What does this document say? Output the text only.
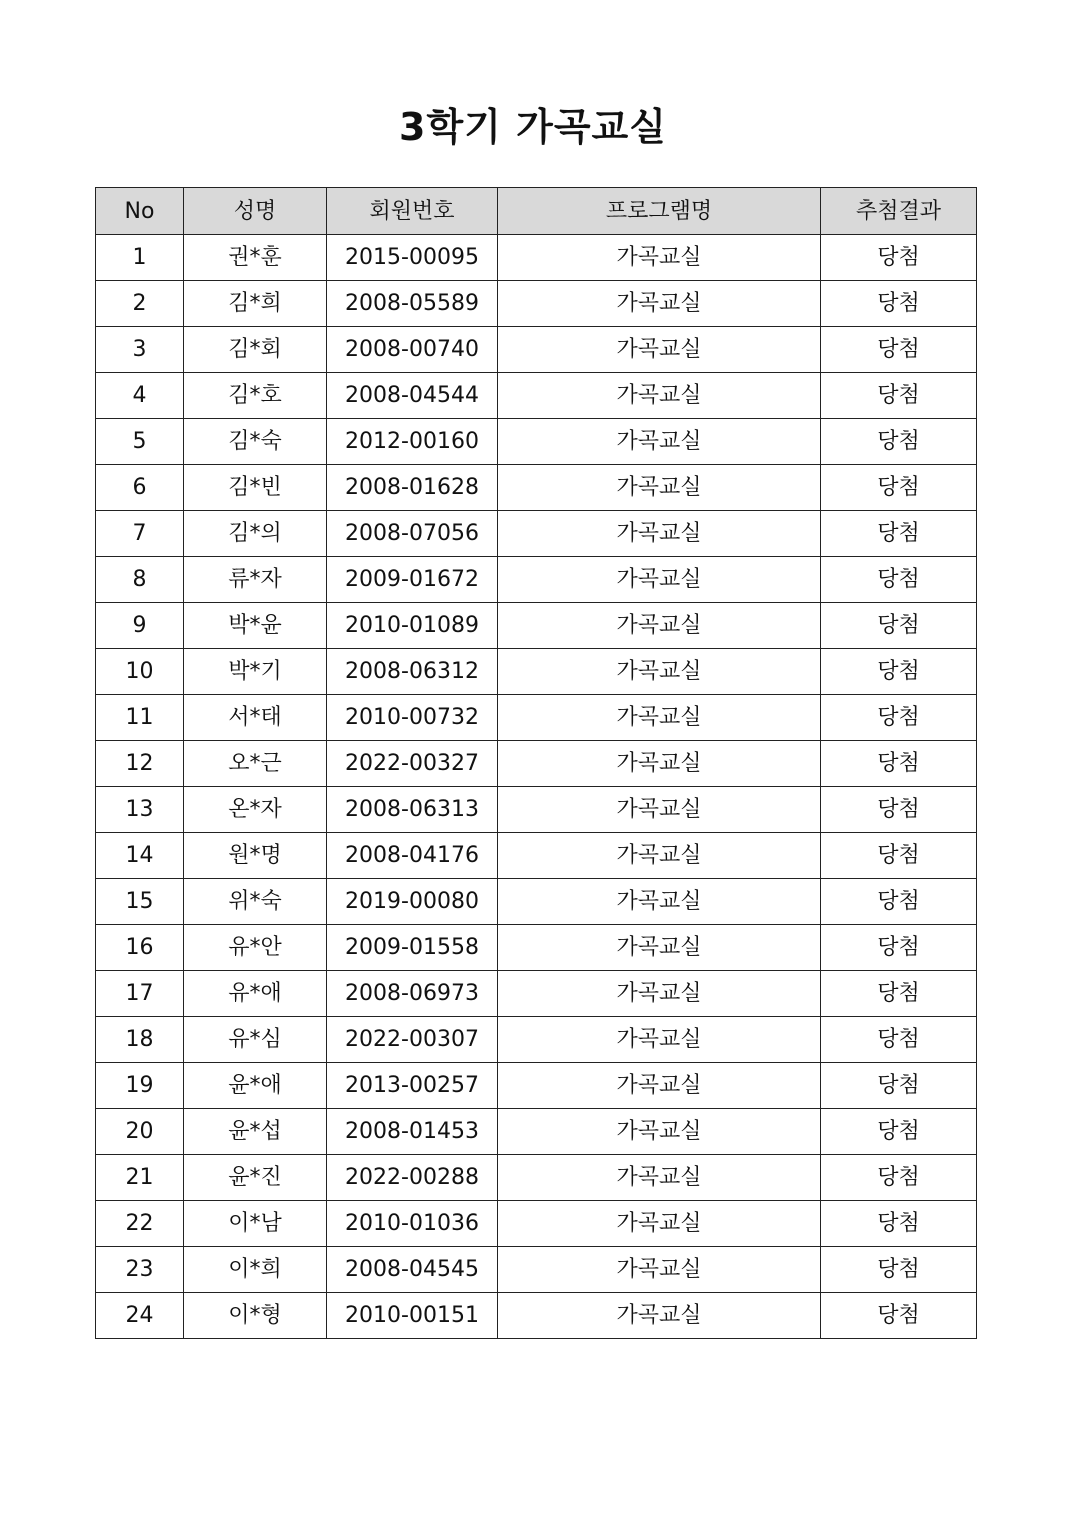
3학기 가곡교실
No	성명	회원번호	프로그램명	추첨결과
1	권*훈	2015-00095	가곡교실	당첨
2	김*희	2008-05589	가곡교실	당첨
3	김*회	2008-00740	가곡교실	당첨
4	김*호	2008-04544	가곡교실	당첨
5	김*숙	2012-00160	가곡교실	당첨
6	김*빈	2008-01628	가곡교실	당첨
7	김*의	2008-07056	가곡교실	당첨
8	류*자	2009-01672	가곡교실	당첨
9	박*윤	2010-01089	가곡교실	당첨
10	박*기	2008-06312	가곡교실	당첨
11	서*태	2010-00732	가곡교실	당첨
12	오*근	2022-00327	가곡교실	당첨
13	온*자	2008-06313	가곡교실	당첨
14	원*명	2008-04176	가곡교실	당첨
15	위*숙	2019-00080	가곡교실	당첨
16	유*안	2009-01558	가곡교실	당첨
17	유*애	2008-06973	가곡교실	당첨
18	유*심	2022-00307	가곡교실	당첨
19	윤*애	2013-00257	가곡교실	당첨
20	윤*섭	2008-01453	가곡교실	당첨
21	윤*진	2022-00288	가곡교실	당첨
22	이*남	2010-01036	가곡교실	당첨
23	이*희	2008-04545	가곡교실	당첨
24	이*형	2010-00151	가곡교실	당첨
